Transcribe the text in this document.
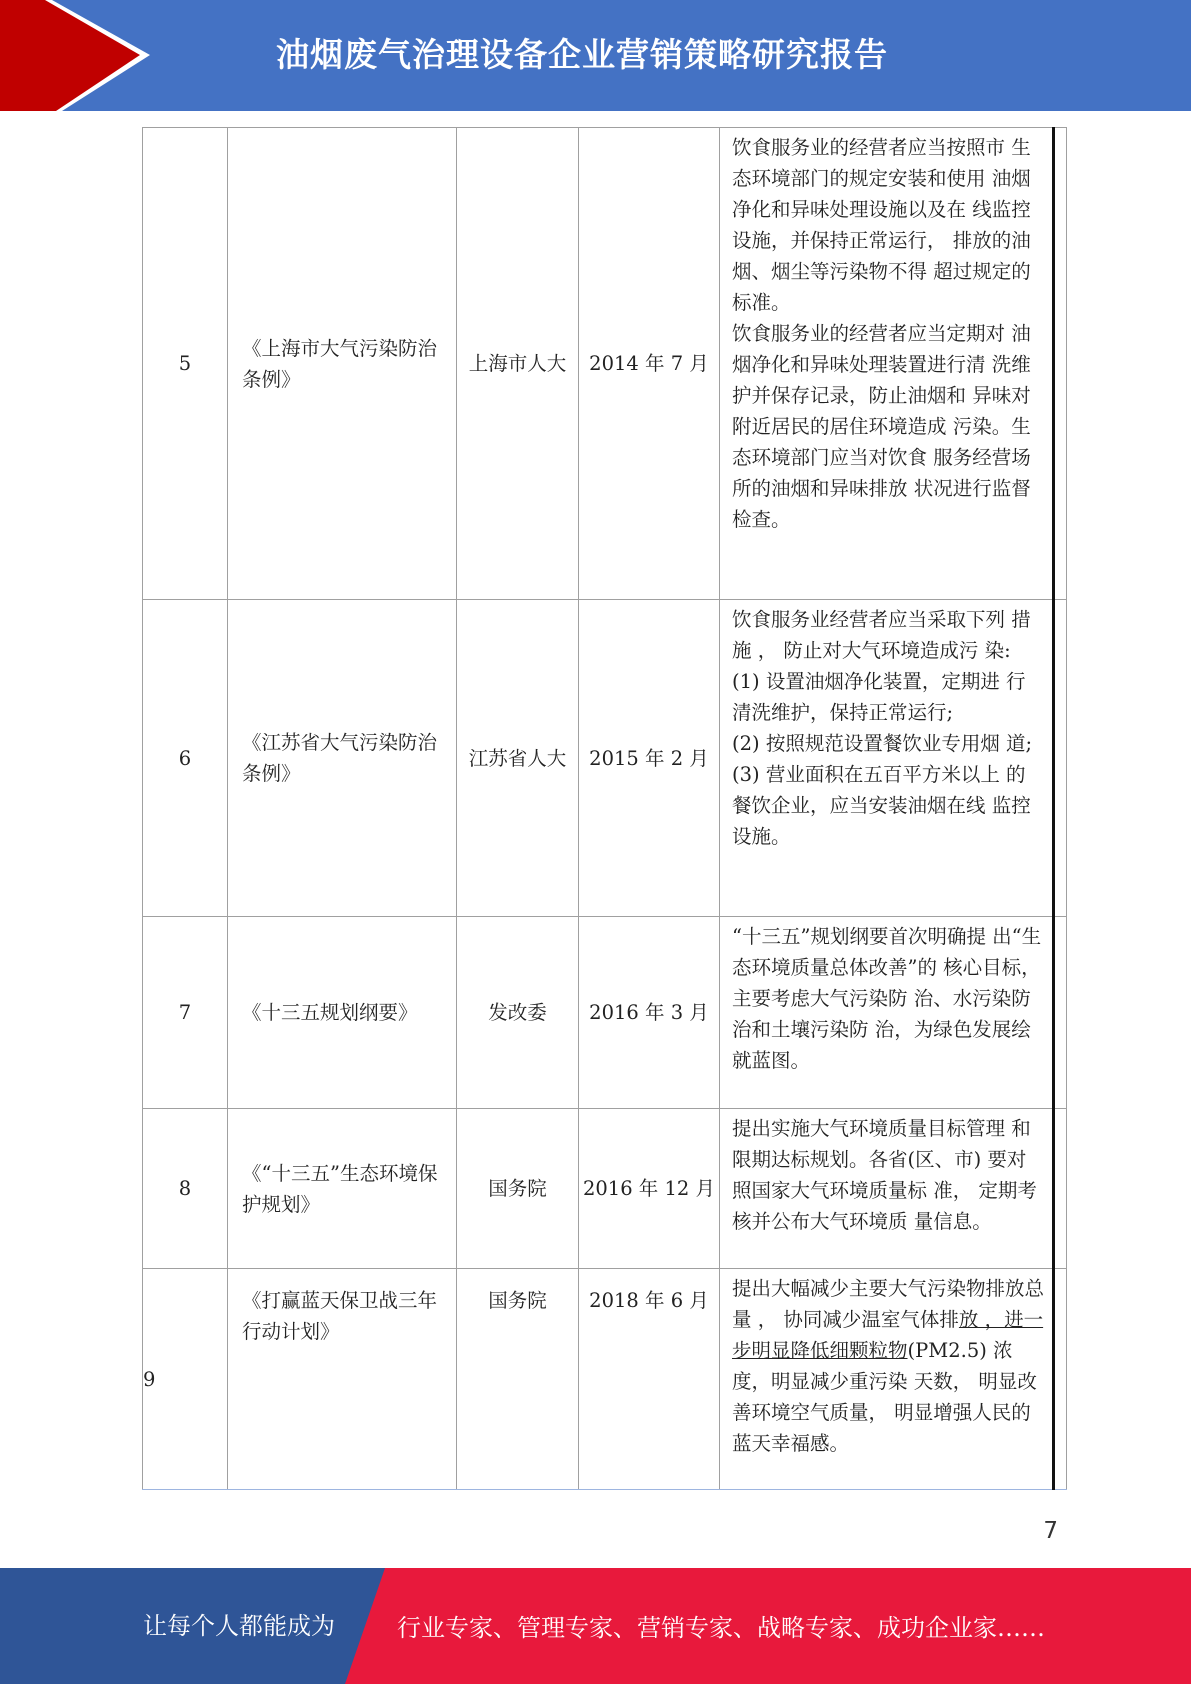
油烟废气治理设备企业营销策略研究报告
5	《上海市大气污染防治条例》	上海市人大	2014 年 7 月	饮食服务业的经营者应当按照市 生态环境部门的规定安装和使用 油烟净化和异味处理设施以及在 线监控设施，并保持正常运行， 排放的油烟、烟尘等污染物不得 超过规定的标准。

饮食服务业的经营者应当定期对 油烟净化和异味处理装置进行清 洗维护并保存记录，防止油烟和 异味对附近居民的居住环境造成 污染。生态环境部门应当对饮食 服务经营场所的油烟和异味排放 状况进行监督检查。	

6	《江苏省大气污染防治条例》	江苏省人大	2015 年 2 月	饮食服务业经营者应当采取下列 措施 ， 防止对大气环境造成污 染:

(1) 设置油烟净化装置，定期进 行清洗维护，保持正常运行;

(2) 按照规范设置餐饮业专用烟 道;

(3) 营业面积在五百平方米以上 的餐饮企业，应当安装油烟在线 监控设施。	

7	《十三五规划纲要》	发改委	2016 年 3 月	“十三五”规划纲要首次明确提 出“生态环境质量总体改善”的 核心目标，主要考虑大气污染防 治、水污染防治和土壤污染防 治，为绿色发展绘就蓝图。	

8	《“十三五”生态环境保护规划》	国务院	2016 年 12 月	提出实施大气环境质量目标管理 和限期达标规划。各省(区、市) 要对照国家大气环境质量标 准， 定期考核并公布大气环境质 量信息。	

9	《打赢蓝天保卫战三年行动计划》	国务院	2018 年 6 月	提出大幅减少主要大气污染物排放总量 ， 协同减少温室气体排放 ，进一步明显降低细颗粒物(PM2.5) 浓度，明显减少重污染 天数， 明显改善环境空气质量， 明显增强人民的蓝天幸福感。	

7
让每个人都能成为	行业专家、管理专家、营销专家、战略专家、成功企业家……
